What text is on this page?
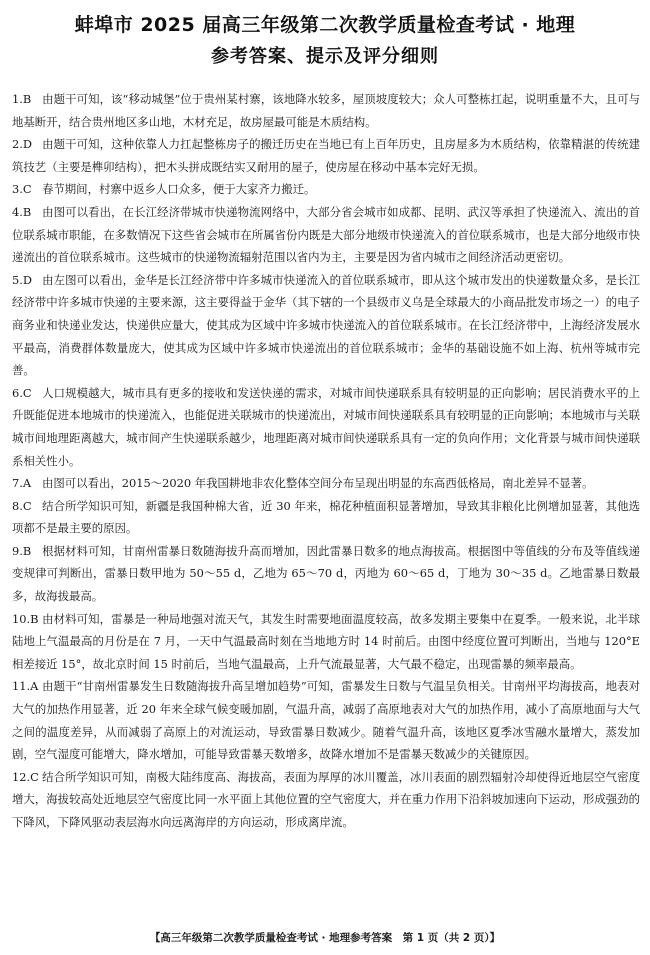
蚌埠市 2025 届高三年级第二次教学质量检查考试 · 地理
参考答案、提示及评分细则

1.B 由题干可知，该“移动城堡”位于贵州某村寨，该地降水较多，屋顶坡度较大；众人可整栋扛起，说明重量不大，且可与地基断开，结合贵州地区多山地，木材充足，故房屋最可能是木质结构。

2.D 由题干可知，这种依靠人力扛起整栋房子的搬迁历史在当地已有上百年历史，且房屋多为木质结构，依靠精湛的传统建筑技艺（主要是榫卯结构），把木头拼成既结实又耐用的屋子，使房屋在移动中基本完好无损。

3.C 春节期间，村寨中返乡人口众多，便于大家齐力搬迁。

4.B 由图可以看出，在长江经济带城市快递物流网络中，大部分省会城市如成都、昆明、武汉等承担了快递流入、流出的首位联系城市职能，在多数情况下这些省会城市在所属省份内既是大部分地级市快递流入的首位联系城市，也是大部分地级市快递流出的首位联系城市。这些城市的快递物流辐射范围以省内为主，主要是因为省内城市之间经济活动更密切。

5.D 由左图可以看出，金华是长江经济带中许多城市快递流入的首位联系城市，即从这个城市发出的快递数量众多，是长江经济带中许多城市快递的主要来源，这主要得益于金华（其下辖的一个县级市义乌是全球最大的小商品批发市场之一）的电子商务业和快递业发达，快递供应量大，使其成为区域中许多城市快递流入的首位联系城市。在长江经济带中，上海经济发展水平最高，消费群体数量庞大，使其成为区域中许多城市快递流出的首位联系城市；金华的基础设施不如上海、杭州等城市完善。

6.C 人口规模越大，城市具有更多的接收和发送快递的需求，对城市间快递联系具有较明显的正向影响；居民消费水平的上升既能促进本地城市的快递流入，也能促进关联城市的快递流出，对城市间快递联系具有较明显的正向影响；本地城市与关联城市间地理距离越大，城市间产生快递联系越少，地理距离对城市间快递联系具有一定的负向作用；文化背景与城市间快递联系相关性小。

7.A 由图可以看出，2015～2020 年我国耕地非农化整体空间分布呈现出明显的东高西低格局，南北差异不显著。

8.C 结合所学知识可知，新疆是我国种棉大省，近 30 年来，棉花种植面积显著增加，导致其非粮化比例增加显著，其他选项都不是最主要的原因。

9.B 根据材料可知，甘南州雷暴日数随海拔升高而增加，因此雷暴日数多的地点海拔高。根据图中等值线的分布及等值线递变规律可判断出，雷暴日数甲地为 50～55 d，乙地为 65～70 d，丙地为 60～65 d，丁地为 30～35 d。乙地雷暴日数最多，故海拔最高。

10.B 由材料可知，雷暴是一种局地强对流天气，其发生时需要地面温度较高，故多发期主要集中在夏季。一般来说，北半球陆地上气温最高的月份是在 7 月，一天中气温最高时刻在当地地方时 14 时前后。由图中经度位置可判断出，当地与 120°E 相差接近 15°，故北京时间 15 时前后，当地气温最高，上升气流最显著，大气最不稳定，出现雷暴的频率最高。

11.A 由题干“甘南州雷暴发生日数随海拔升高呈增加趋势”可知，雷暴发生日数与气温呈负相关。甘南州平均海拔高，地表对大气的加热作用显著，近 20 年来全球气候变暖加剧，气温升高，减弱了高原地表对大气的加热作用，减小了高原地面与大气之间的温度差异，从而减弱了高原上的对流运动，导致雷暴日数减少。随着气温升高，该地区夏季冰雪融水量增大，蒸发加剧，空气湿度可能增大，降水增加，可能导致雷暴天数增多，故降水增加不是雷暴天数减少的关键原因。

12.C 结合所学知识可知，南极大陆纬度高、海拔高，表面为厚厚的冰川覆盖，冰川表面的剧烈辐射冷却使得近地层空气密度增大，海拔较高处近地层空气密度比同一水平面上其他位置的空气密度大，并在重力作用下沿斜坡加速向下运动，形成强劲的下降风，下降风驱动表层海水向远离海岸的方向运动，形成离岸流。

【高三年级第二次教学质量检查考试 · 地理参考答案　第 1 页（共 2 页）】
